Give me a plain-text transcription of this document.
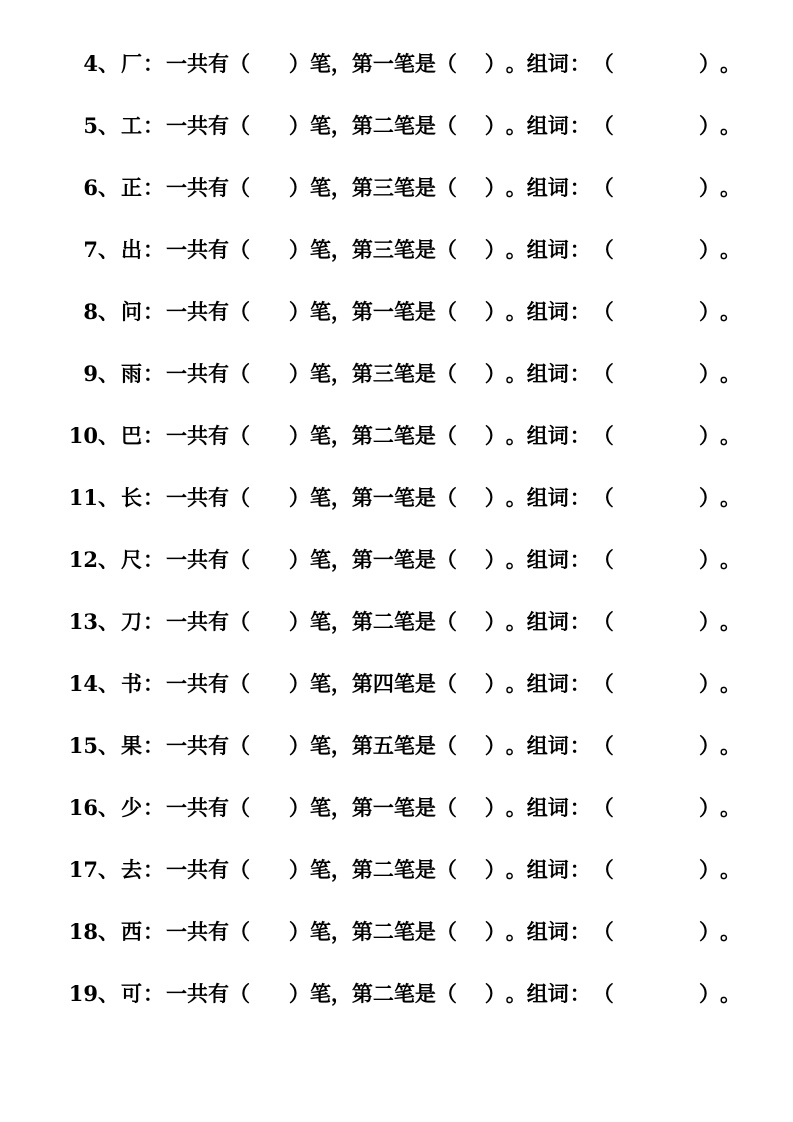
4 、 厂 ： 一共有 （ ） 笔 ， 第 一 笔是 （ ） 。 组词 ： （	） 。
5 、 工 ： 一共有 （ ） 笔 ， 第 二 笔是 （ ） 。 组词 ： （	） 。
6 、 正 ： 一共有 （ ） 笔 ， 第 三 笔是 （ ） 。 组词 ： （	） 。
7 、 出 ： 一共有 （ ） 笔 ， 第 三 笔是 （ ） 。 组词 ： （	） 。
8 、 问 ： 一共有 （ ） 笔 ， 第 一 笔是 （ ） 。 组词 ： （	） 。
9 、 雨 ： 一共有 （ ） 笔 ， 第 三 笔是 （ ） 。 组词 ： （	） 。
10 、 巴 ： 一共有 （ ） 笔 ， 第 二 笔是 （ ） 。 组词 ： （	） 。
11 、 长 ： 一共有 （ ） 笔 ， 第 一 笔是 （ ） 。 组词 ： （	） 。
12 、 尺 ： 一共有 （ ） 笔 ， 第 一 笔是 （ ） 。 组词 ： （	） 。
13 、 刀 ： 一共有 （ ） 笔 ， 第 二 笔是 （ ） 。 组词 ： （	） 。
14 、 书 ： 一共有 （ ） 笔 ， 第 四 笔是 （ ） 。 组词 ： （	） 。
15 、 果 ： 一共有 （ ） 笔 ， 第 五 笔是 （ ） 。 组词 ： （	） 。
16 、 少 ： 一共有 （ ） 笔 ， 第 一 笔是 （ ） 。 组词 ： （	） 。
17 、 去 ： 一共有 （ ） 笔 ， 第 二 笔是 （ ） 。 组词 ： （	） 。
18 、 西 ： 一共有 （ ） 笔 ， 第 二 笔是 （ ） 。 组词 ： （	） 。
19 、 可 ： 一共有 （ ） 笔 ， 第 二 笔是 （ ） 。 组词 ： （	） 。
